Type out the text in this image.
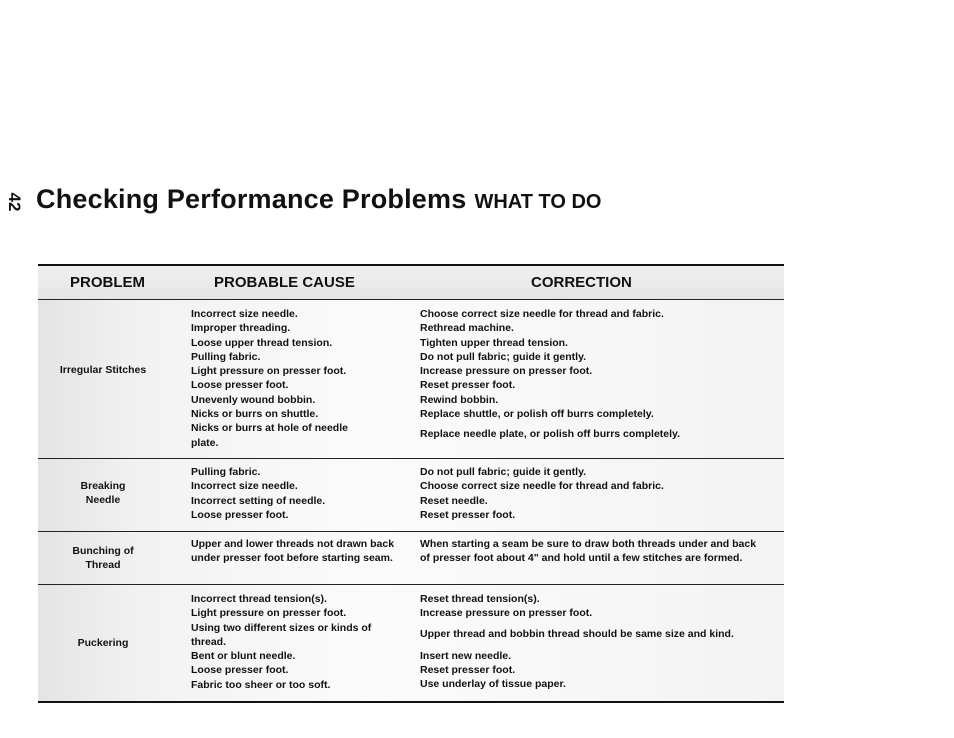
42 Checking Performance Problems WHAT TO DO
PROBLEM	PROBABLE CAUSE	CORRECTION
Irregular Stitches
Incorrect size needle.
Improper threading.
Loose upper thread tension.
Pulling fabric.
Light pressure on presser foot.
Loose presser foot.
Unevenly wound bobbin.
Nicks or burrs on shuttle.
Nicks or burrs at hole of needle plate.
Choose correct size needle for thread and fabric.
Rethread machine.
Tighten upper thread tension.
Do not pull fabric; guide it gently.
Increase pressure on presser foot.
Reset presser foot.
Rewind bobbin.
Replace shuttle, or polish off burrs completely.
Replace needle plate, or polish off burrs completely.
Breaking Needle
Pulling fabric.
Incorrect size needle.
Incorrect setting of needle.
Loose presser foot.
Do not pull fabric; guide it gently.
Choose correct size needle for thread and fabric.
Reset needle.
Reset presser foot.
Bunching of Thread
Upper and lower threads not drawn back under presser foot before starting seam.
When starting a seam be sure to draw both threads under and back of presser foot about 4" and hold until a few stitches are formed.
Puckering
Incorrect thread tension(s).
Light pressure on presser foot.
Using two different sizes or kinds of thread.
Bent or blunt needle.
Loose presser foot.
Fabric too sheer or too soft.
Reset thread tension(s).
Increase pressure on presser foot.
Upper thread and bobbin thread should be same size and kind.
Insert new needle.
Reset presser foot.
Use underlay of tissue paper.
